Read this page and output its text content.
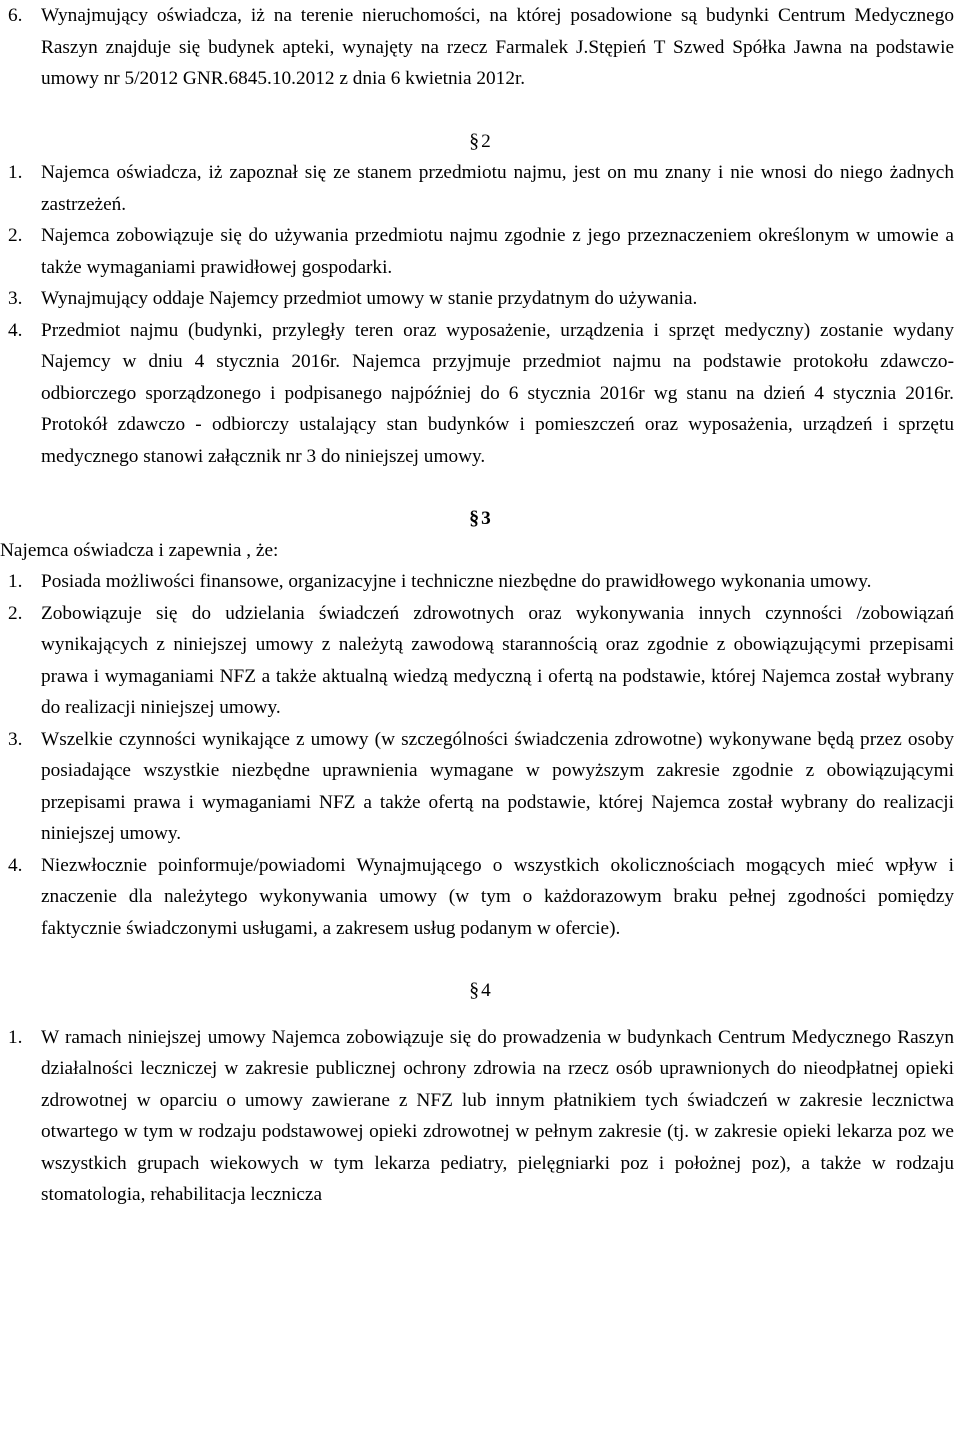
6. Wynajmujący oświadcza, iż na terenie nieruchomości, na której posadowione są budynki Centrum Medycznego Raszyn znajduje się budynek apteki, wynajęty na rzecz Farmalek J.Stępień T Szwed Spółka Jawna na podstawie umowy nr 5/2012 GNR.6845.10.2012 z dnia 6 kwietnia 2012r.
§ 2
1. Najemca oświadcza, iż zapoznał się ze stanem przedmiotu najmu, jest on mu znany i nie wnosi do niego żadnych zastrzeżeń.
2. Najemca zobowiązuje się do używania przedmiotu najmu zgodnie z jego przeznaczeniem określonym w umowie a także wymaganiami prawidłowej gospodarki.
3. Wynajmujący oddaje Najemcy przedmiot umowy w stanie przydatnym do używania.
4. Przedmiot najmu (budynki, przyległy teren oraz wyposażenie, urządzenia i sprzęt medyczny) zostanie wydany Najemcy w dniu 4 stycznia 2016r. Najemca przyjmuje przedmiot najmu na podstawie protokołu zdawczo-odbiorczego sporządzonego i podpisanego najpóźniej do 6 stycznia 2016r wg stanu na dzień 4 stycznia 2016r. Protokół zdawczo - odbiorczy ustalający stan budynków i pomieszczeń oraz wyposażenia, urządzeń i sprzętu medycznego stanowi załącznik nr 3 do niniejszej umowy.
§ 3
Najemca oświadcza i zapewnia , że:
1. Posiada możliwości finansowe, organizacyjne i techniczne niezbędne do prawidłowego wykonania umowy.
2. Zobowiązuje się do udzielania świadczeń zdrowotnych oraz wykonywania innych czynności /zobowiązań wynikających z niniejszej umowy z należytą zawodową starannością oraz zgodnie z obowiązującymi przepisami prawa i wymaganiami NFZ a także aktualną wiedzą medyczną i ofertą na podstawie, której Najemca został wybrany do realizacji niniejszej umowy.
3. Wszelkie czynności wynikające z umowy (w szczególności świadczenia zdrowotne) wykonywane będą przez osoby posiadające wszystkie niezbędne uprawnienia wymagane w powyższym zakresie zgodnie z obowiązującymi przepisami prawa i wymaganiami NFZ a także ofertą na podstawie, której Najemca został wybrany do realizacji niniejszej umowy.
4. Niezwłocznie poinformuje/powiadomi Wynajmującego o wszystkich okolicznościach mogących mieć wpływ i znaczenie dla należytego wykonywania umowy (w tym o każdorazowym braku pełnej zgodności pomiędzy faktycznie świadczonymi usługami, a zakresem usług podanym w ofercie).
§ 4
1. W ramach niniejszej umowy Najemca zobowiązuje się do prowadzenia w budynkach Centrum Medycznego Raszyn działalności leczniczej w zakresie publicznej ochrony zdrowia na rzecz osób uprawnionych do nieodpłatnej opieki zdrowotnej w oparciu o umowy zawierane z NFZ lub innym płatnikiem tych świadczeń w zakresie lecznictwa otwartego w tym w rodzaju podstawowej opieki zdrowotnej w pełnym zakresie (tj. w zakresie opieki lekarza poz we wszystkich grupach wiekowych w tym lekarza pediatry, pielęgniarki poz i położnej poz), a także w rodzaju stomatologia, rehabilitacja lecznicza
